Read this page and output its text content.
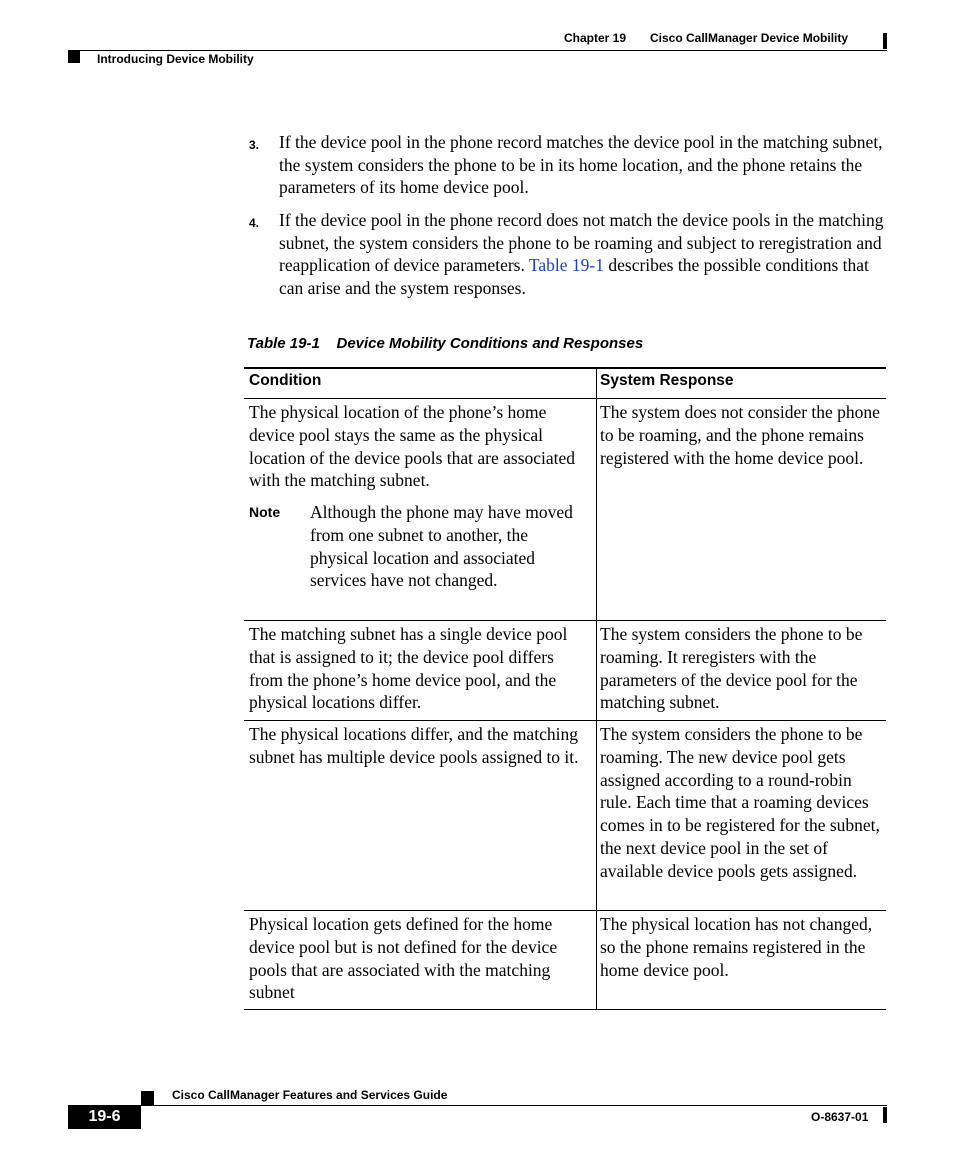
Chapter 19 Cisco CallManager Device Mobility
Introducing Device Mobility
3. If the device pool in the phone record matches the device pool in the matching subnet, the system considers the phone to be in its home location, and the phone retains the parameters of its home device pool.
4. If the device pool in the phone record does not match the device pools in the matching subnet, the system considers the phone to be roaming and subject to reregistration and reapplication of device parameters. Table 19-1 describes the possible conditions that can arise and the system responses.
Table 19-1    Device Mobility Conditions and Responses
Condition	System Response
The physical location of the phone’s home device pool stays the same as the physical location of the device pools that are associated with the matching subnet.
Note Although the phone may have moved from one subnet to another, the physical location and associated services have not changed.
The system does not consider the phone to be roaming, and the phone remains registered with the home device pool.
The matching subnet has a single device pool that is assigned to it; the device pool differs from the phone’s home device pool, and the physical locations differ.
The system considers the phone to be roaming. It reregisters with the parameters of the device pool for the matching subnet.
The physical locations differ, and the matching subnet has multiple device pools assigned to it.
The system considers the phone to be roaming. The new device pool gets assigned according to a round-robin rule. Each time that a roaming devices comes in to be registered for the subnet, the next device pool in the set of available device pools gets assigned.
Physical location gets defined for the home device pool but is not defined for the device pools that are associated with the matching subnet
The physical location has not changed, so the phone remains registered in the home device pool.
Cisco CallManager Features and Services Guide
19-6	O-8637-01
